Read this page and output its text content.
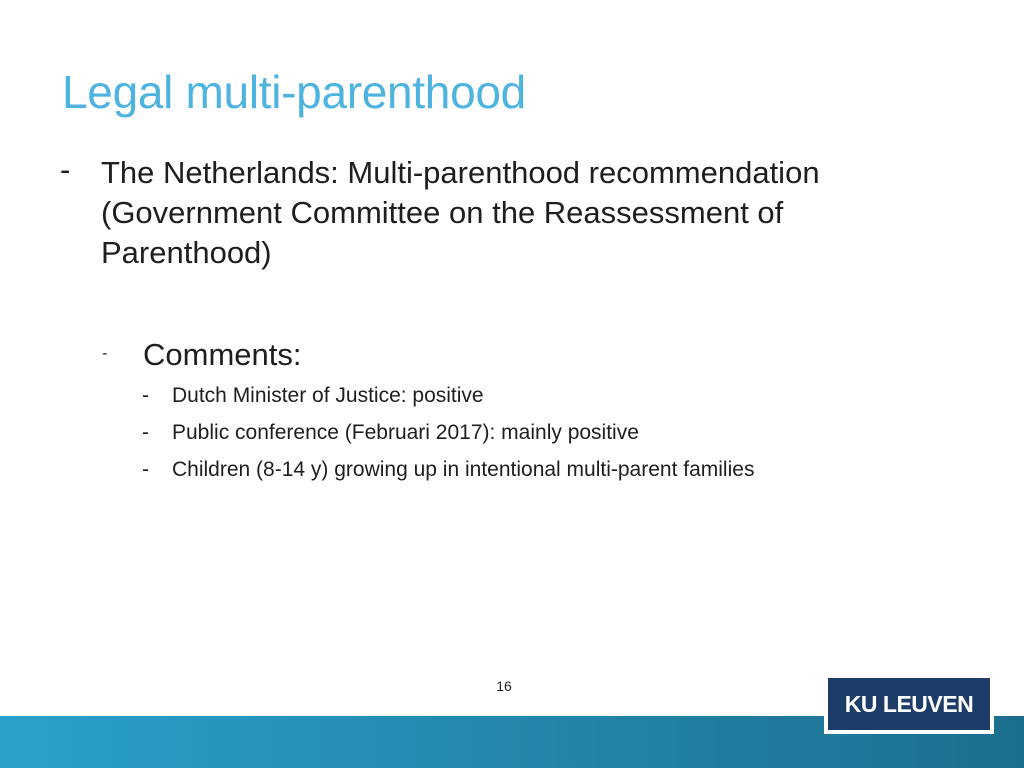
Legal multi-parenthood
- The Netherlands: Multi-parenthood recommendation (Government Committee on the Reassessment of Parenthood)
- Comments:
- Dutch Minister of Justice: positive
- Public conference (Februari 2017): mainly positive
- Children (8-14 y) growing up in intentional multi-parent families
16
KU LEUVEN
